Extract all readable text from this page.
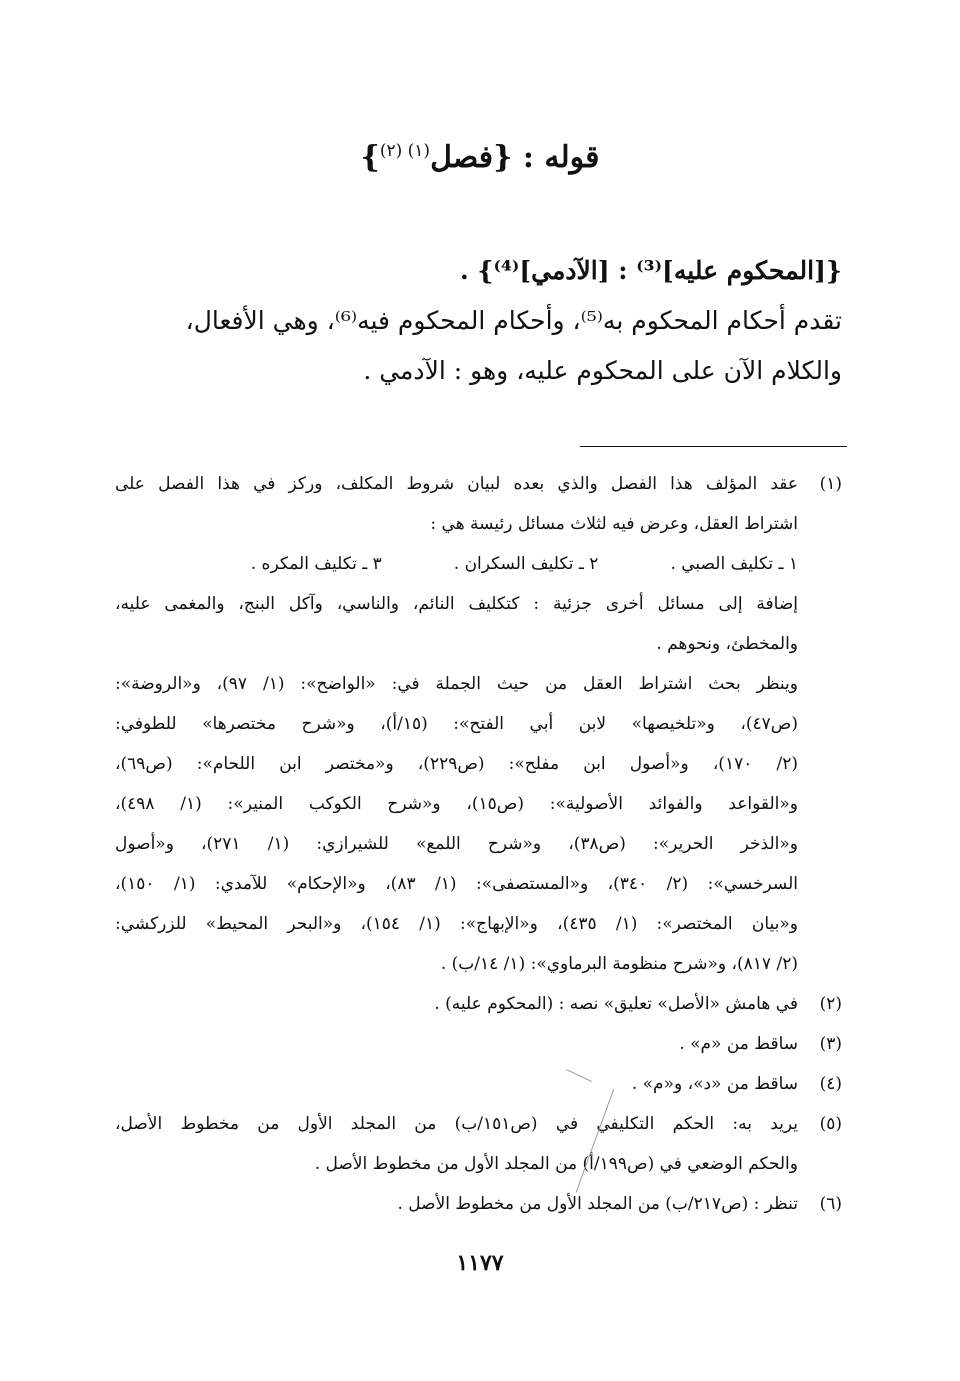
قوله : {فصل$^{(١) (٢)}$}
{[المحكوم عليه]⁽³⁾ : [الآدمي]⁽⁴⁾} .
تقدم أحكام المحكوم به⁽⁵⁾، وأحكام المحكوم فيه⁽⁶⁾، وهي الأفعال،
والكلام الآن على المحكوم عليه، وهو : الآدمي .
(١)
عقد المؤلف هذا الفصل والذي بعده لبيان شروط المكلف، وركز في هذا الفصل على
اشتراط العقل، وعرض فيه لثلاث مسائل رئيسة هي :
١ ـ تكليف الصبي .
٢ ـ تكليف السكران .
٣ ـ تكليف المكره .
إضافة إلى مسائل أخرى جزئية : كتكليف النائم، والناسي، وآكل البنج، والمغمى عليه،
والمخطئ، ونحوهم .
وينظر بحث اشتراط العقل من حيث الجملة في: «الواضح»: (١/ ٩٧)، و«الروضة»:
(ص٤٧)، و«تلخيصها» لابن أبي الفتح»: (١٥/أ)، و«شرح مختصرها» للطوفي:
(٢/ ١٧٠)، و«أصول ابن مفلح»: (ص٢٢٩)، و«مختصر ابن اللحام»: (ص٦٩)،
و«القواعد والفوائد الأصولية»: (ص١٥)، و«شرح الكوكب المنير»: (١/ ٤٩٨)،
و«الذخر الحرير»: (ص٣٨)، و«شرح اللمع» للشيرازي: (١/ ٢٧١)، و«أصول
السرخسي»: (٢/ ٣٤٠)، و«المستصفى»: (١/ ٨٣)، و«الإحكام» للآمدي: (١/ ١٥٠)،
و«بيان المختصر»: (١/ ٤٣٥)، و«الإبهاج»: (١/ ١٥٤)، و«البحر المحيط» للزركشي:
(٢/ ٨١٧)، و«شرح منظومة البرماوي»: (١/ ١٤/ب) .
(٢)
في هامش «الأصل» تعليق» نصه : (المحكوم عليه) .
(٣)
ساقط من «م» .
(٤)
ساقط من «د»، و«م» .
(٥)
يريد به: الحكم التكليفي في (ص١٥١/ب) من المجلد الأول من مخطوط الأصل،
والحكم الوضعي في (ص١٩٩/أ) من المجلد الأول من مخطوط الأصل .
(٦)
تنظر : (ص٢١٧/ب) من المجلد الأول من مخطوط الأصل .
١١٧٧
